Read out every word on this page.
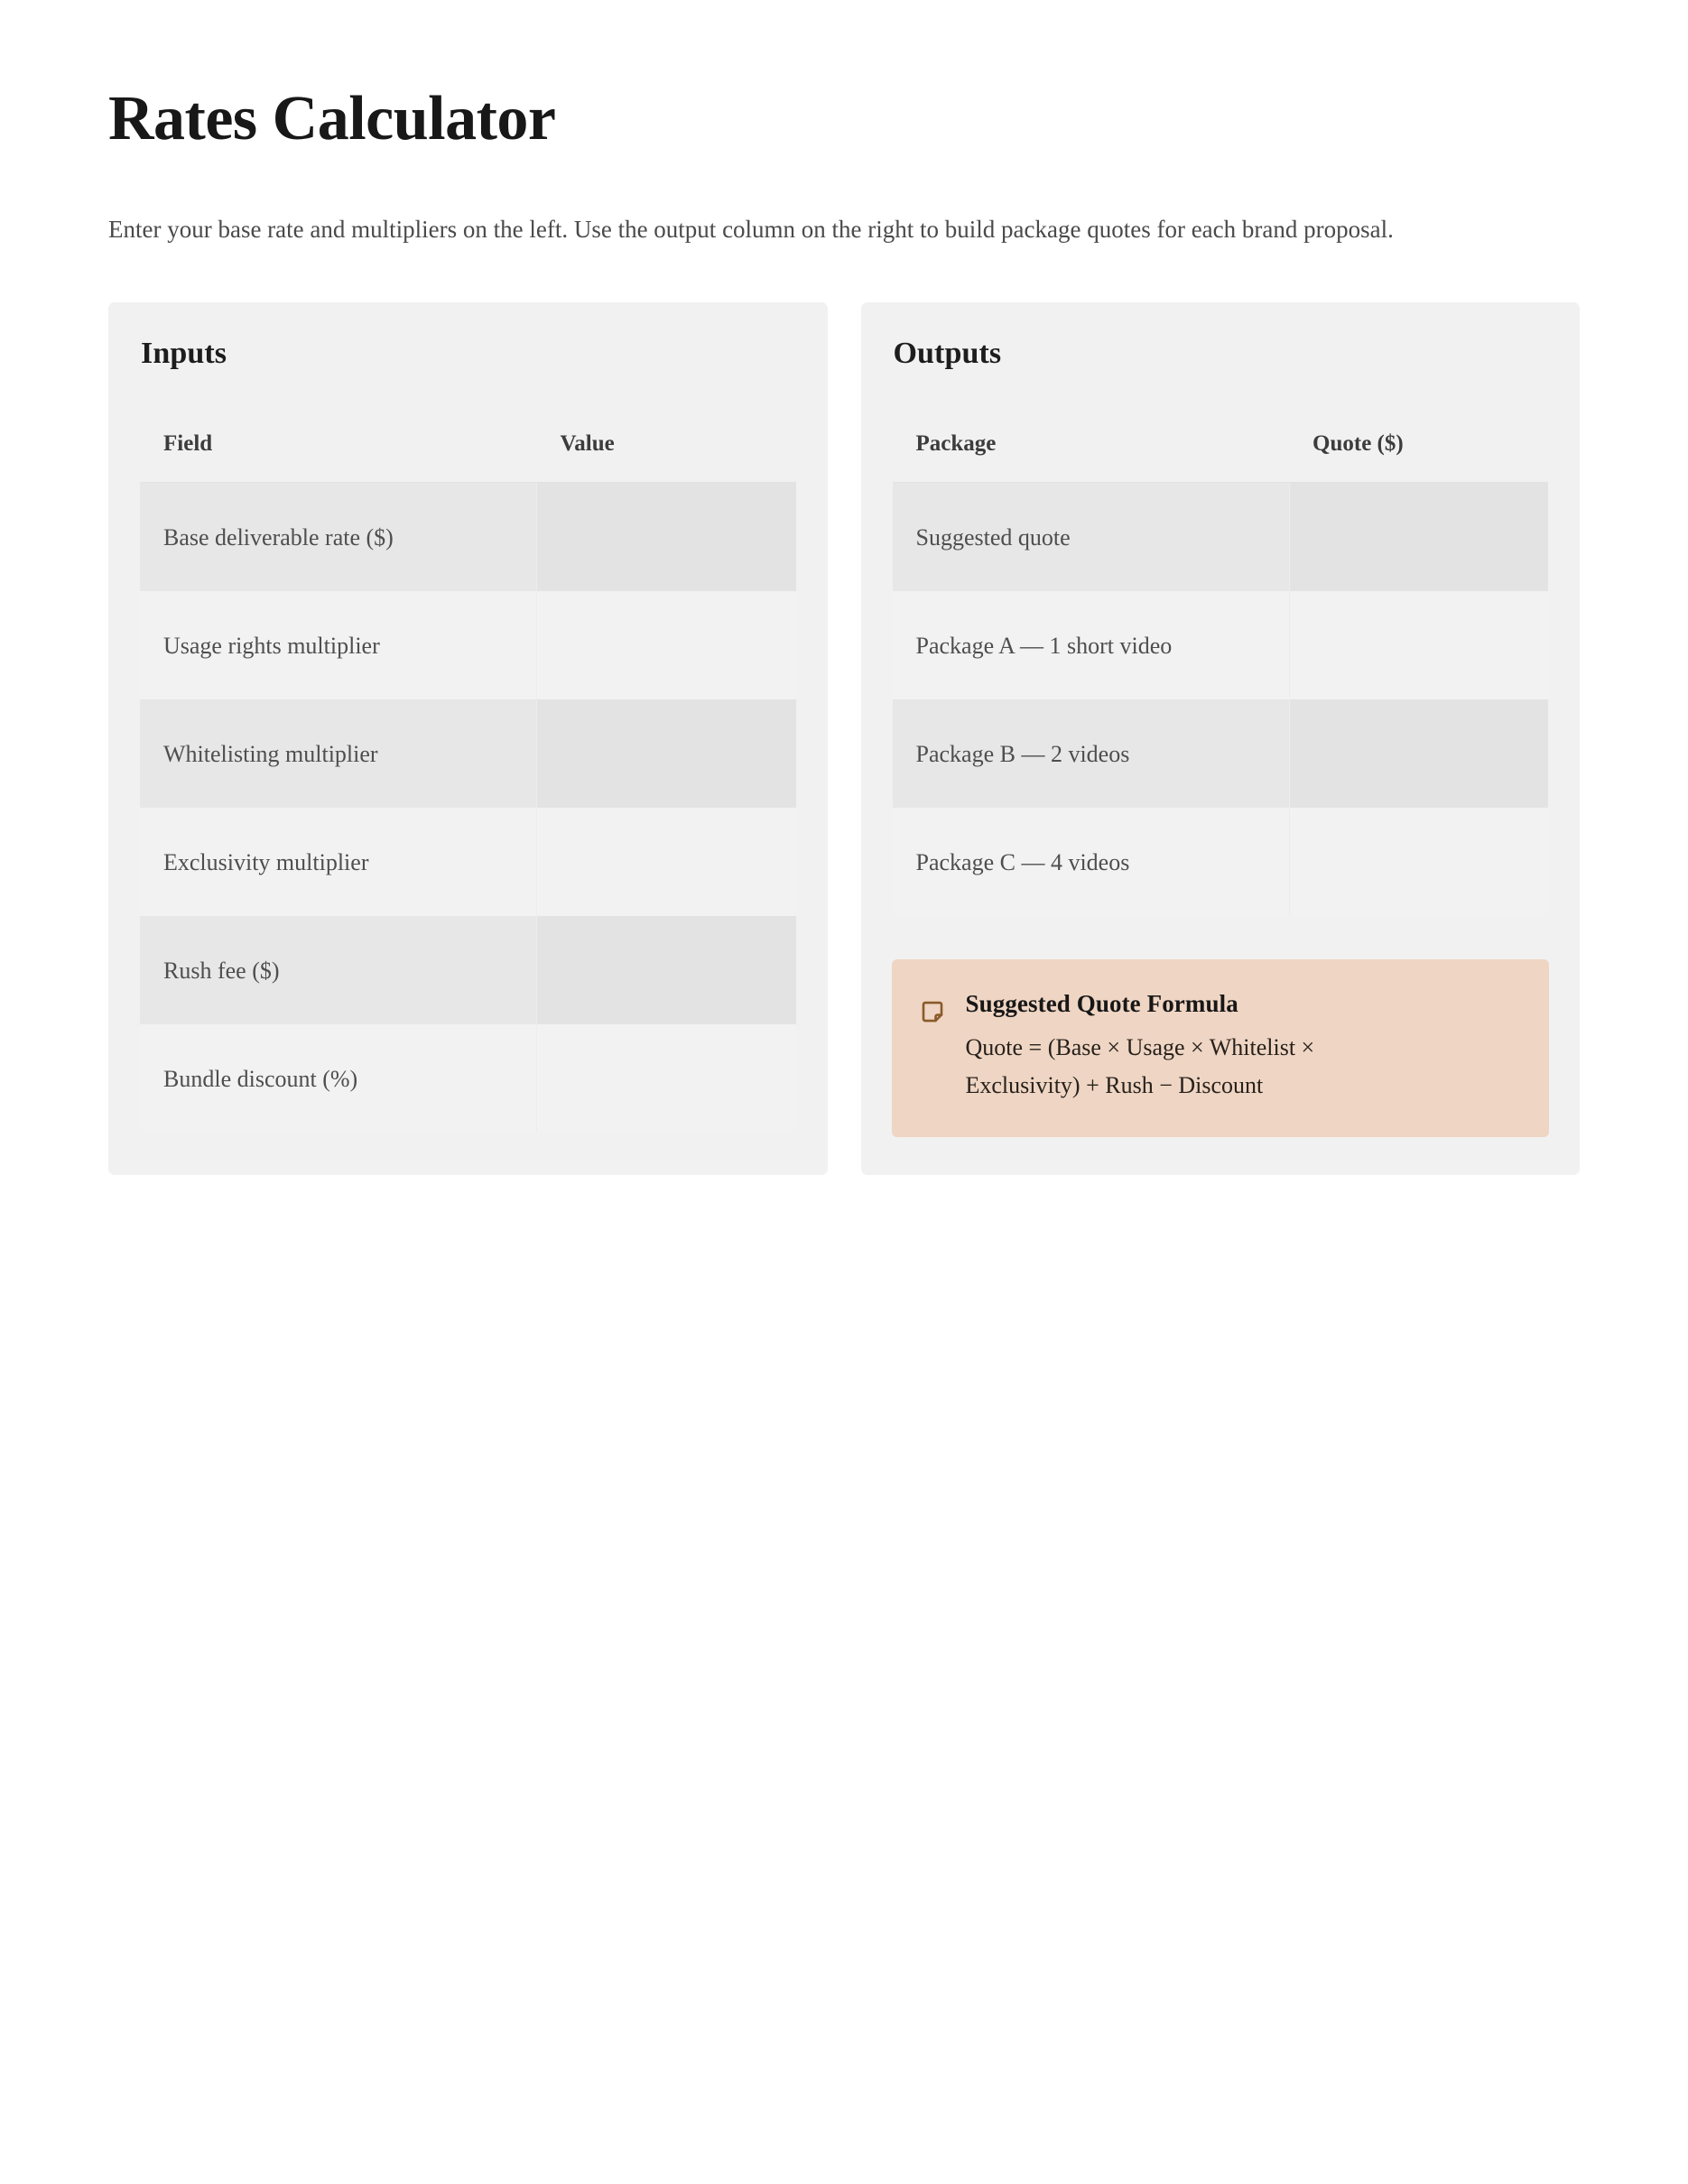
Rates Calculator

Enter your base rate and multipliers on the left. Use the output column on the right to build package quotes for each brand proposal.

Inputs
Field	Value
Base deliverable rate ($)	
Usage rights multiplier	
Whitelisting multiplier	
Exclusivity multiplier	
Rush fee ($)	
Bundle discount (%)	
Outputs
Package	Quote ($)
Suggested quote	
Package A — 1 short video	
Package B — 2 videos	
Package C — 4 videos	
Suggested Quote Formula

Quote = (Base × Usage × Whitelist × Exclusivity) + Rush − Discount
